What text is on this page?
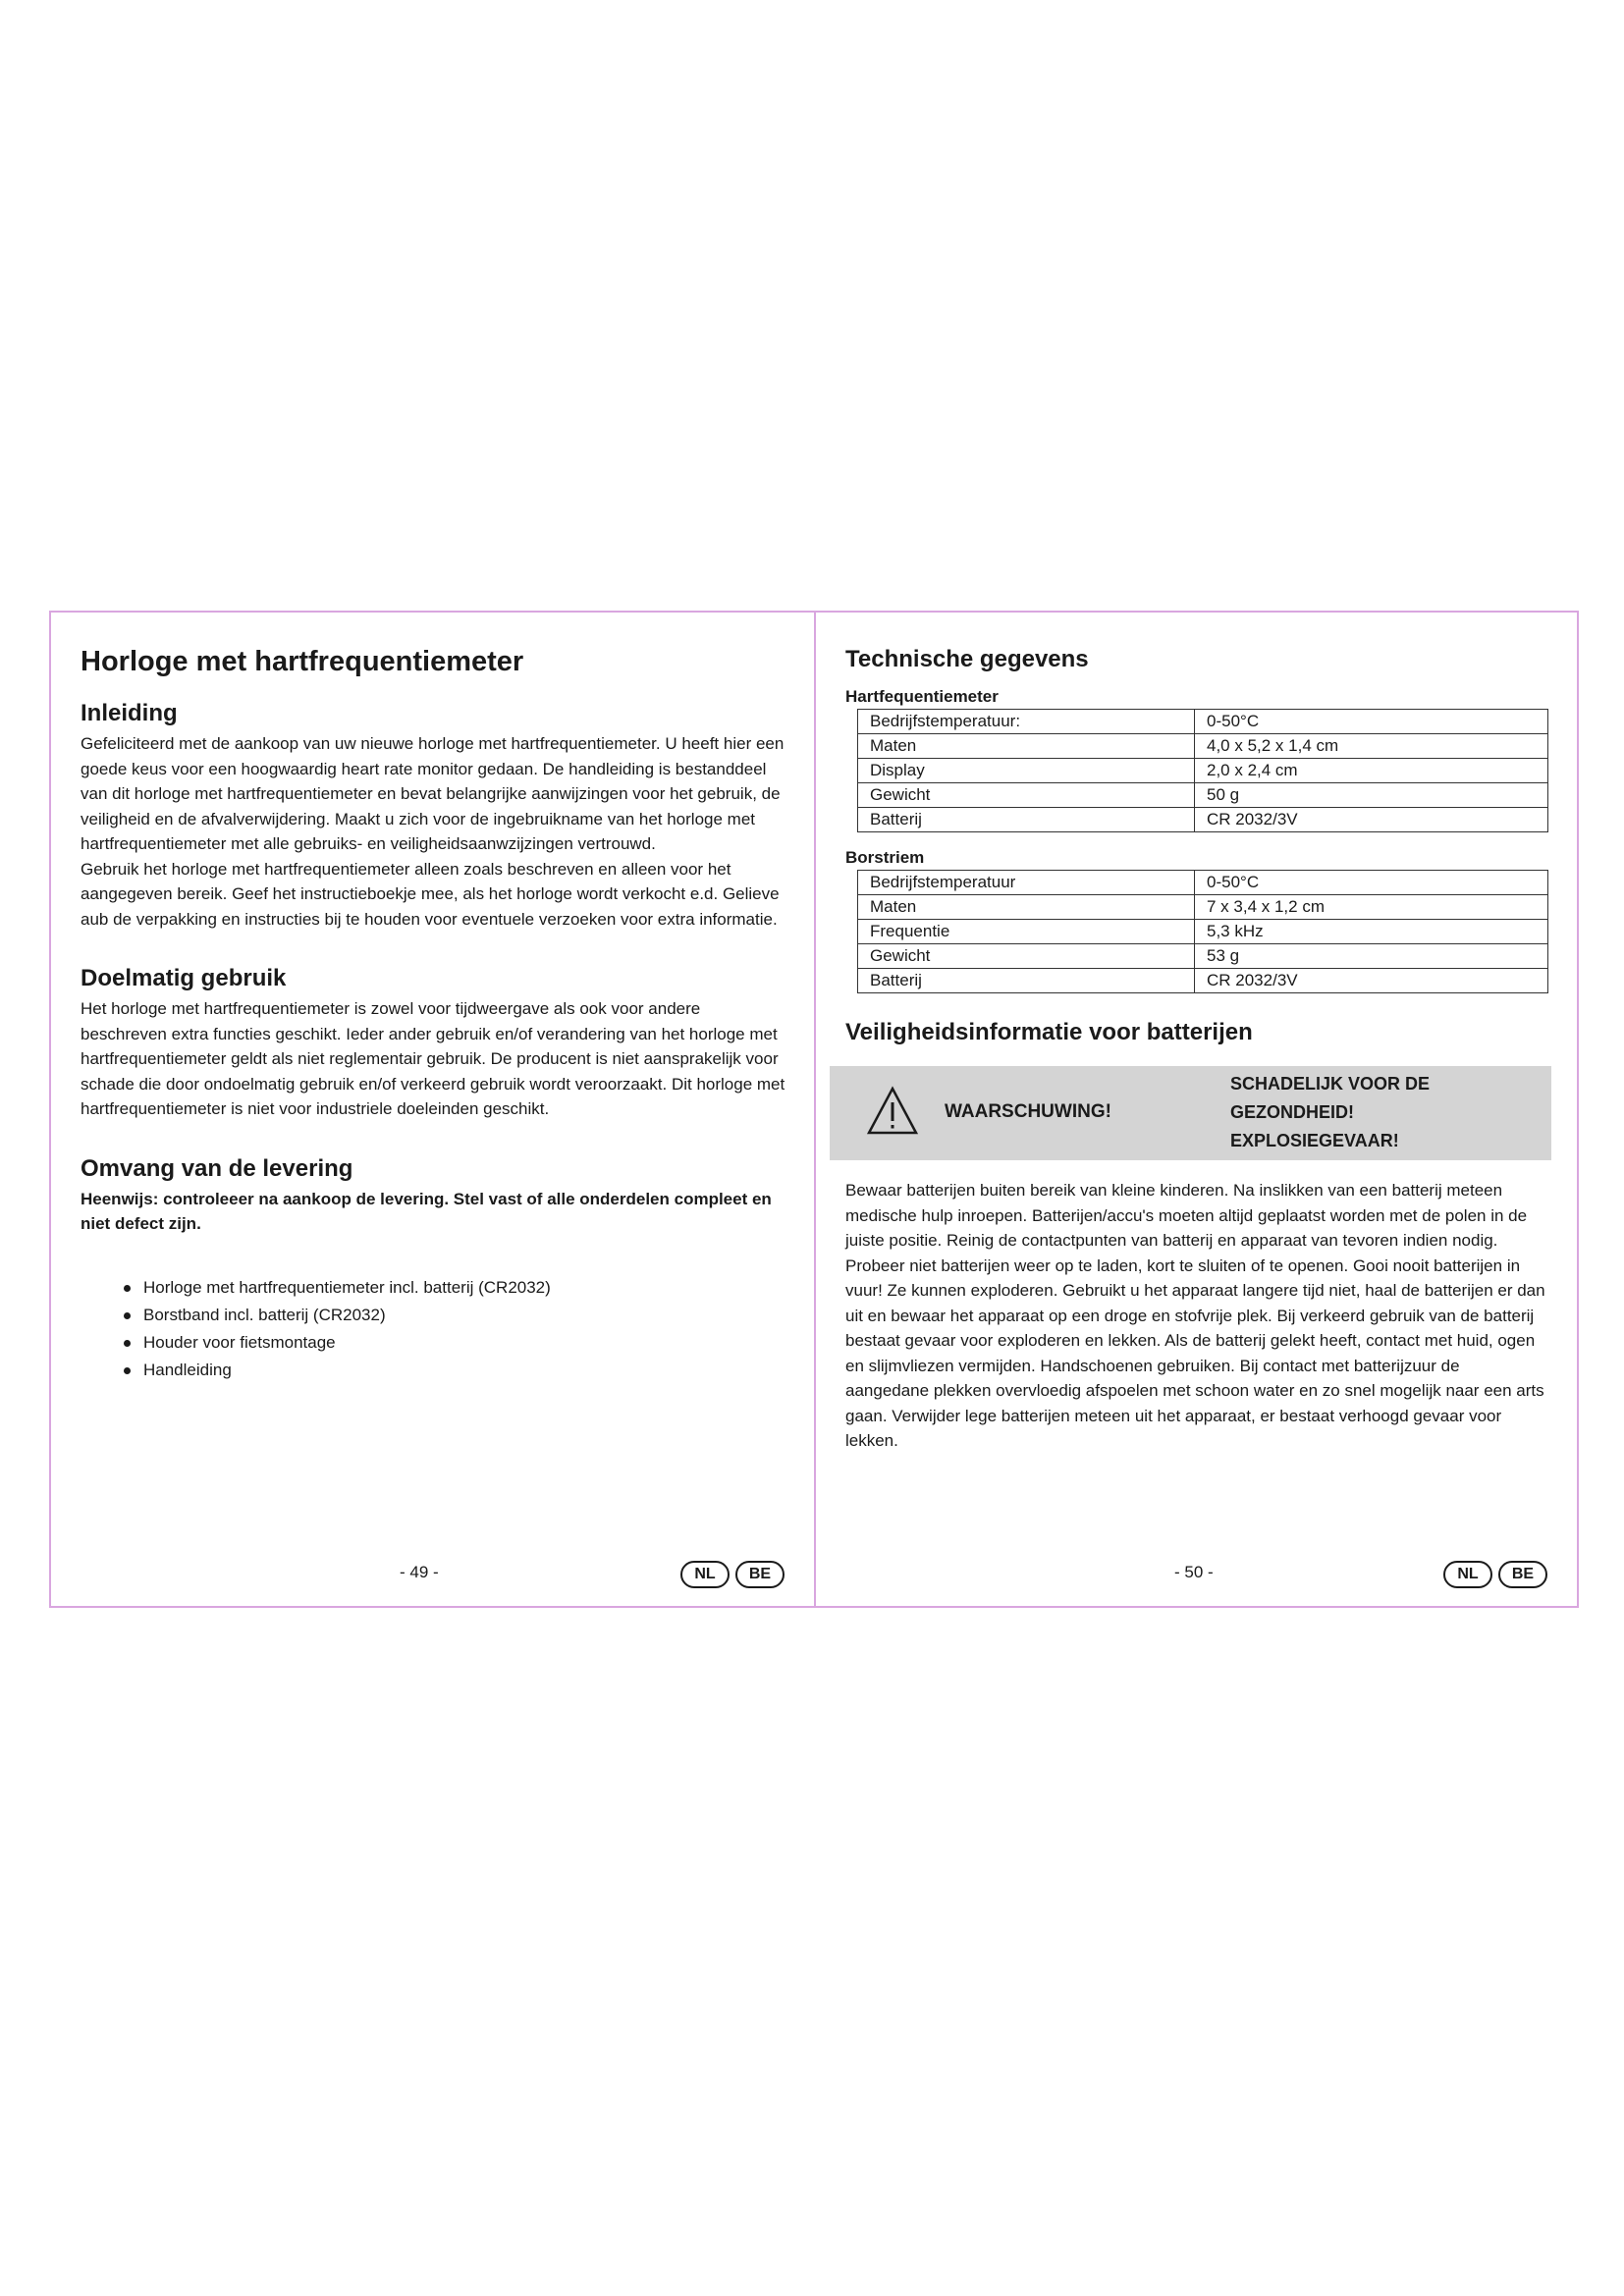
Horloge met hartfrequentiemeter
Inleiding

Gefeliciteerd met de aankoop van uw nieuwe horloge met hartfrequentiemeter. U heeft hier een goede keus voor een hoogwaardig heart rate monitor gedaan. De handleiding is bestanddeel van dit horloge met hartfrequentiemeter en bevat belangrijke aanwijzingen voor het gebruik, de veiligheid en de afvalverwijdering. Maakt u zich voor de ingebruikname van het horloge met hartfrequentiemeter met alle gebruiks- en veiligheidsaanwzijzingen vertrouwd.

Gebruik het horloge met hartfrequentiemeter alleen zoals beschreven en alleen voor het aangegeven bereik. Geef het instructieboekje mee, als het horloge wordt verkocht e.d. Gelieve aub de verpakking en instructies bij te houden voor eventuele verzoeken voor extra informatie.

Doelmatig gebruik

Het horloge met hartfrequentiemeter is zowel voor tijdweergave als ook voor andere beschreven extra functies geschikt. Ieder ander gebruik en/of verandering van het horloge met hartfrequentiemeter geldt als niet reglementair gebruik. De producent is niet aansprakelijk voor schade die door ondoelmatig gebruik en/of verkeerd gebruik wordt veroorzaakt. Dit horloge met hartfrequentiemeter is niet voor industriele doeleinden geschikt.

Omvang van de levering

Heenwijs: controleeer na aankoop de levering. Stel vast of alle onderdelen compleet en niet defect zijn.

Horloge met hartfrequentiemeter incl. batterij (CR2032)
Borstband incl. batterij (CR2032)
Houder voor fietsmontage
Handleiding
- 49 -	NL	BE
Technische gegevens
Hartfequentiemeter
Bedrijfstemperatuur:	0-50°C
Maten	4,0 x 5,2 x 1,4 cm
Display	2,0 x 2,4 cm
Gewicht	50 g
Batterij	CR 2032/3V
Borstriem
Bedrijfstemperatuur	0-50°C
Maten	7 x 3,4 x 1,2 cm
Frequentie	5,3 kHz
Gewicht	53 g
Batterij	CR 2032/3V
Veiligheidsinformatie voor batterijen
WAARSCHUWING!
SCHADELIJK VOOR DE
GEZONDHEID!
EXPLOSIEGEVAAR!

Bewaar batterijen buiten bereik van kleine kinderen. Na inslikken van een batterij meteen medische hulp inroepen. Batterijen/accu's moeten altijd geplaatst worden met de polen in de juiste positie. Reinig de contactpunten van batterij en apparaat van tevoren indien nodig. Probeer niet batterijen weer op te laden, kort te sluiten of te openen. Gooi nooit batterijen in vuur! Ze kunnen exploderen. Gebruikt u het apparaat langere tijd niet, haal de batterijen er dan uit en bewaar het apparaat op een droge en stofvrije plek. Bij verkeerd gebruik van de batterij bestaat gevaar voor exploderen en lekken. Als de batterij gelekt heeft, contact met huid, ogen en slijmvliezen vermijden. Handschoenen gebruiken. Bij contact met batterijzuur de aangedane plekken overvloedig afspoelen met schoon water en zo snel mogelijk naar een arts gaan. Verwijder lege batterijen meteen uit het apparaat, er bestaat verhoogd gevaar voor lekken.

- 50 -	NL	BE
